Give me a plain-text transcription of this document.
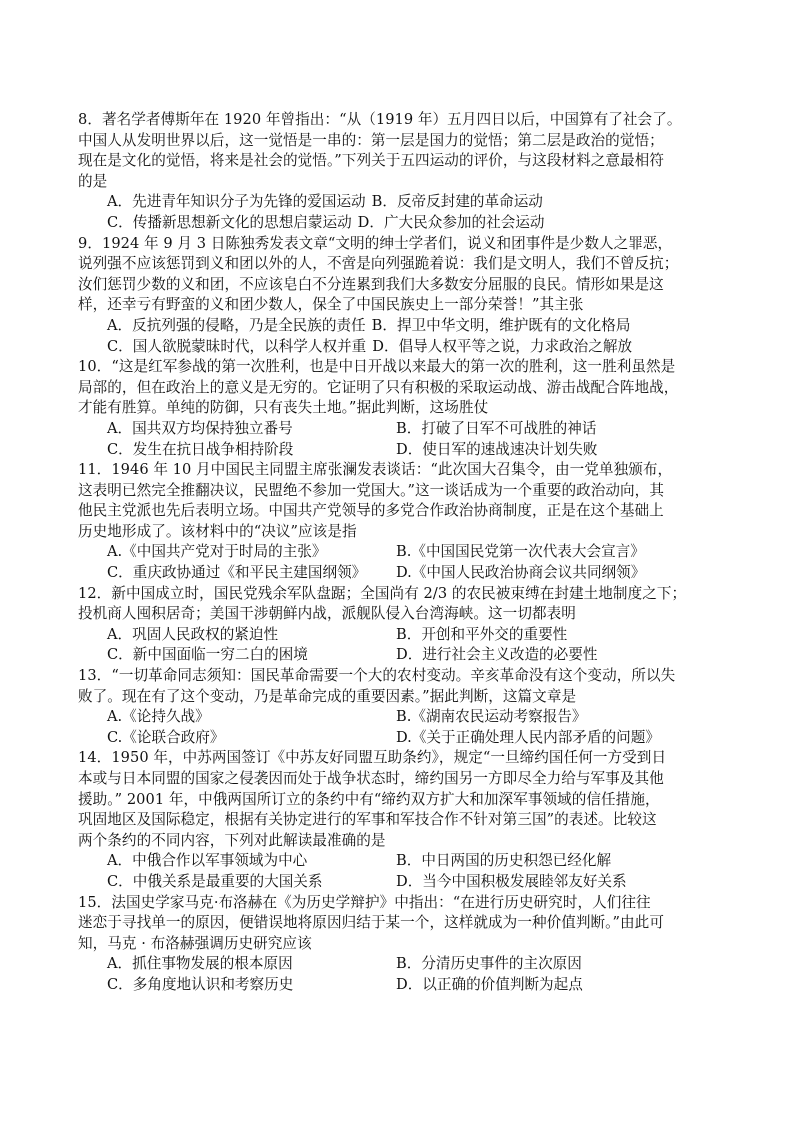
8．著名学者傅斯年在 1920 年曾指出：“从（1919 年）五月四日以后，中国算有了社会了。
中国人从发明世界以后，这一觉悟是一串的：第一层是国力的觉悟；第二层是政治的觉悟；
现在是文化的觉悟，将来是社会的觉悟。”下列关于五四运动的评价，与这段材料之意最相符
的是
A．先进青年知识分子为先锋的爱国运动 B．反帝反封建的革命运动
C．传播新思想新文化的思想启蒙运动 D．广大民众参加的社会运动
9．1924 年 9 月 3 日陈独秀发表文章“文明的绅士学者们，说义和团事件是少数人之罪恶，
说列强不应该惩罚到义和团以外的人，不啻是向列强跪着说：我们是文明人，我们不曾反抗；
汝们惩罚少数的义和团，不应该皂白不分连累到我们大多数安分屈服的良民。情形如果是这
样，还幸亏有野蛮的义和团少数人，保全了中国民族史上一部分荣誉！”其主张
A．反抗列强的侵略，乃是全民族的责任 B．捍卫中华文明，维护既有的文化格局
C．国人欲脱蒙昧时代，以科学人权并重 D．倡导人权平等之说，力求政治之解放
10．“这是红军参战的第一次胜利，也是中日开战以来最大的第一次的胜利，这一胜利虽然是
局部的，但在政治上的意义是无穷的。它证明了只有积极的采取运动战、游击战配合阵地战，
才能有胜算。单纯的防御，只有丧失土地。”据此判断，这场胜仗
A．国共双方均保持独立番号	B．打破了日军不可战胜的神话
C．发生在抗日战争相持阶段	D．使日军的速战速决计划失败
11．1946 年 10 月中国民主同盟主席张澜发表谈话：“此次国大召集令，由一党单独颁布，
这表明已然完全推翻决议，民盟绝不参加一党国大。”这一谈话成为一个重要的政治动向，其
他民主党派也先后表明立场。中国共产党领导的多党合作政治协商制度，正是在这个基础上
历史地形成了。该材料中的“决议”应该是指
A.《中国共产党对于时局的主张》	B.《中国国民党第一次代表大会宣言》
C．重庆政协通过《和平民主建国纲领》	D.《中国人民政治协商会议共同纲领》
12．新中国成立时，国民党残余军队盘踞；全国尚有 2/3 的农民被束缚在封建土地制度之下；
投机商人囤积居奇；美国干涉朝鲜内战，派舰队侵入台湾海峡。这一切都表明
A．巩固人民政权的紧迫性	B．开创和平外交的重要性
C．新中国面临一穷二白的困境	D．进行社会主义改造的必要性
13．“一切革命同志须知：国民革命需要一个大的农村变动。辛亥革命没有这个变动，所以失
败了。现在有了这个变动，乃是革命完成的重要因素。”据此判断，这篇文章是
A.《论持久战》	B.《湖南农民运动考察报告》
C.《论联合政府》	D.《关于正确处理人民内部矛盾的问题》
14．1950 年，中苏两国签订《中苏友好同盟互助条约》，规定“一旦缔约国任何一方受到日
本或与日本同盟的国家之侵袭因而处于战争状态时，缔约国另一方即尽全力给与军事及其他
援助。” 2001 年，中俄两国所订立的条约中有“缔约双方扩大和加深军事领域的信任措施，
巩固地区及国际稳定，根据有关协定进行的军事和军技合作不针对第三国”的表述。比较这
两个条约的不同内容，下列对此解读最准确的是
A．中俄合作以军事领域为中心	B．中日两国的历史积怨已经化解
C．中俄关系是最重要的大国关系	D．当今中国积极发展睦邻友好关系
15．法国史学家马克·布洛赫在《为历史学辩护》中指出：“在进行历史研究时，人们往往
迷恋于寻找单一的原因，便错误地将原因归结于某一个，这样就成为一种价值判断。”由此可
知，马克 · 布洛赫强调历史研究应该
A．抓住事物发展的根本原因	B．分清历史事件的主次原因
C．多角度地认识和考察历史	D．以正确的价值判断为起点
